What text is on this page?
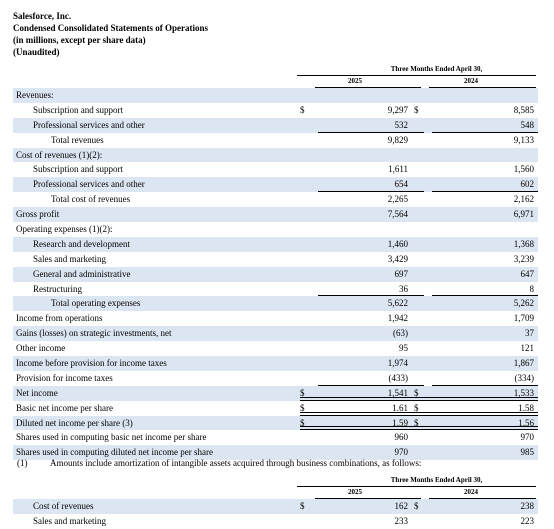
Salesforce, Inc.
Condensed Consolidated Statements of Operations
(in millions, except per share data)
(Unaudited)
Three Months Ended April 30,
2025	2024
Revenues:
Subscription and support	$	9,297 $	8,585
Professional services and other	532	548
Total revenues	9,829	9,133
Cost of revenues (1)(2):
Subscription and support	1,611	1,560
Professional services and other	654	602
Total cost of revenues	2,265	2,162
Gross profit	7,564	6,971
Operating expenses (1)(2):
Research and development	1,460	1,368
Sales and marketing	3,429	3,239
General and administrative	697	647
Restructuring	36	8
Total operating expenses	5,622	5,262
Income from operations	1,942	1,709
Gains (losses) on strategic investments, net	(63)	37
Other income	95	121
Income before provision for income taxes	1,974	1,867
Provision for income taxes	(433)	(334)
Net income	$	1,541 $	1,533
Basic net income per share	$	1.61 $	1.58
Diluted net income per share (3)	$	1.59 $	1.56
Shares used in computing basic net income per share	960	970
Shares used in computing diluted net income per share	970	985
(1)	Amounts include amortization of intangible assets acquired through business combinations, as follows:
Three Months Ended April 30,
2025	2024
Cost of revenues	$	162 $	238
Sales and marketing	233	223
